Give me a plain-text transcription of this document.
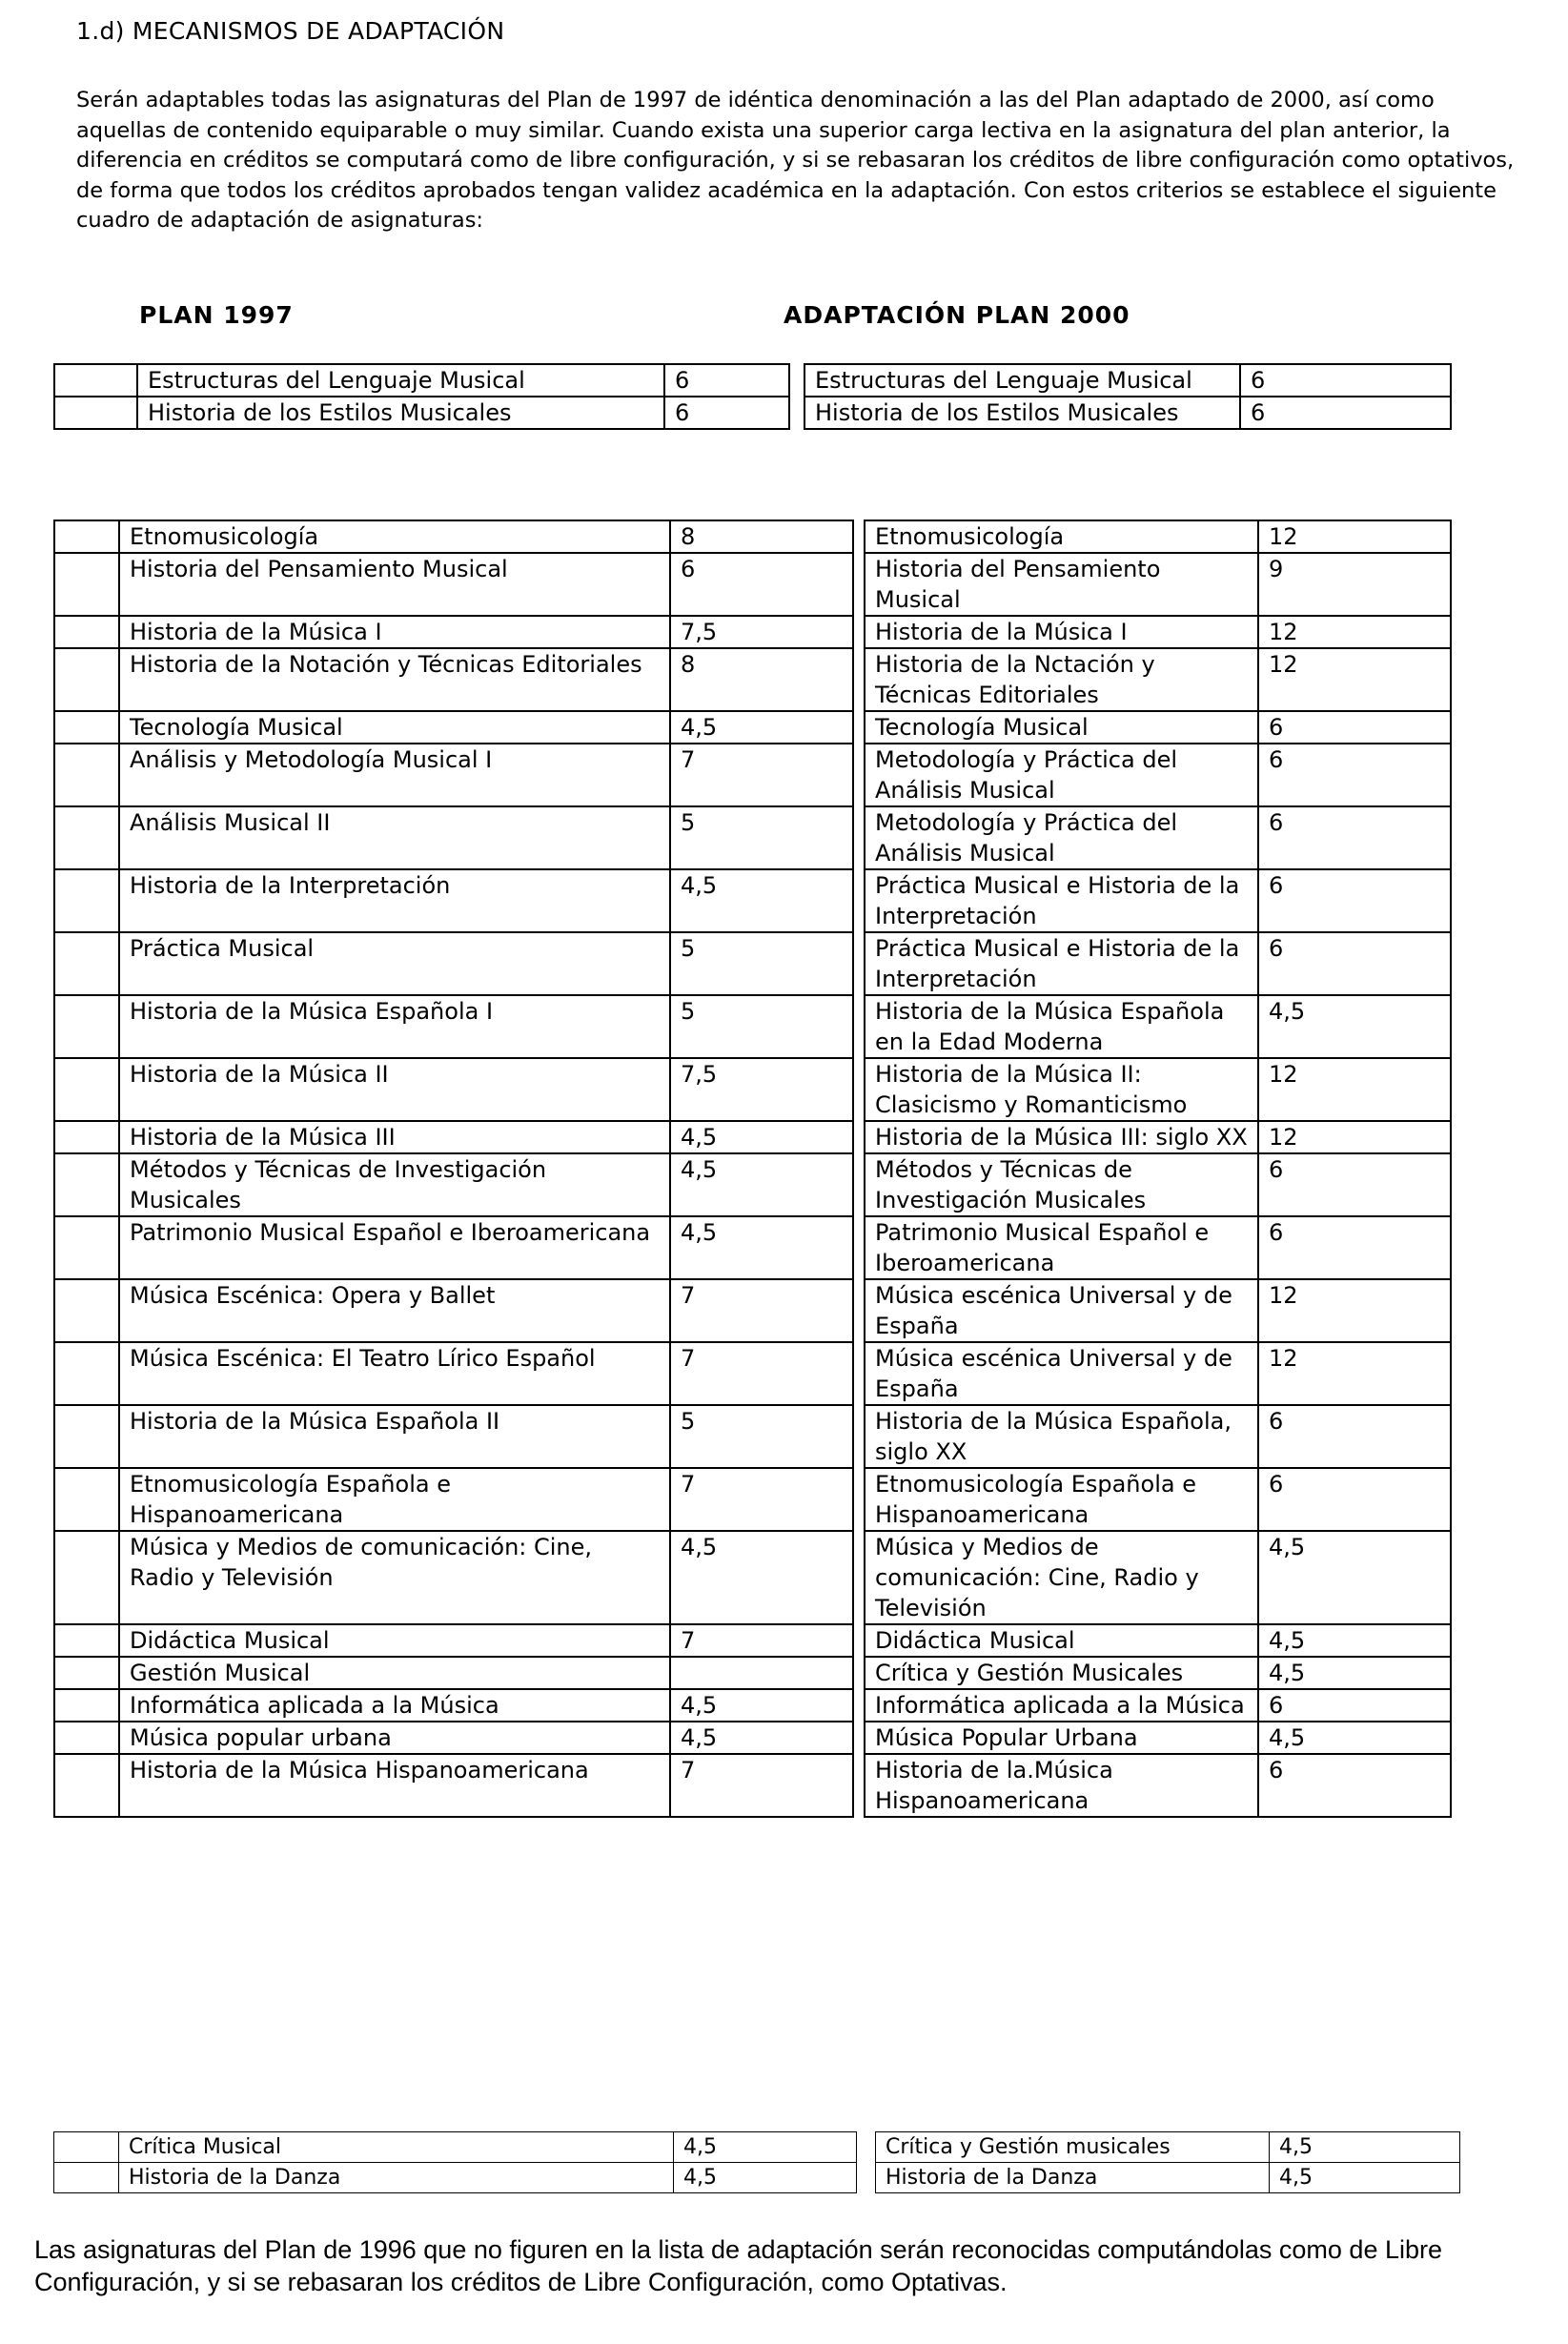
1.d) MECANISMOS DE ADAPTACIÓN
Serán adaptables todas las asignaturas del Plan de 1997 de idéntica denominación a las del Plan adaptado de 2000, así como aquellas de contenido equiparable o muy similar. Cuando exista una superior carga lectiva en la asignatura del plan anterior, la diferencia en créditos se computará como de libre configuración, y si se rebasaran los créditos de libre configuración como optativos, de forma que todos los créditos aprobados tengan validez académica en la adaptación. Con estos criterios se establece el siguiente cuadro de adaptación de asignaturas:
PLAN 1997	ADAPTACIÓN PLAN 2000
	Estructuras del Lenguaje Musical	6		Estructuras del Lenguaje Musical	6
	Historia de los Estilos Musicales	6		Historia de los Estilos Musicales	6
	Etnomusicología	8		Etnomusicología	12
	Historia del Pensamiento Musical	6		Historia del Pensamiento Musical	9
	Historia de la Música I	7,5		Historia de la Música I	12
	Historia de la Notación y Técnicas Editoriales	8		Historia de la Nctación y Técnicas Editoriales	12
	Tecnología Musical	4,5		Tecnología Musical	6
	Análisis y Metodología Musical I	7		Metodología y Práctica del Análisis Musical	6
	Análisis Musical II	5		Metodología y Práctica del Análisis Musical	6
	Historia de la Interpretación	4,5		Práctica Musical e Historia de la Interpretación	6
	Práctica Musical	5		Práctica Musical e Historia de la Interpretación	6
	Historia de la Música Española I	5		Historia de la Música Española en la Edad Moderna	4,5
	Historia de la Música II	7,5		Historia de la Música II: Clasicismo y Romanticismo	12
	Historia de la Música III	4,5		Historia de la Música III: siglo XX	12
	Métodos y Técnicas de Investigación Musicales	4,5		Métodos y Técnicas de Investigación Musicales	6
	Patrimonio Musical Español e Iberoamericana	4,5		Patrimonio Musical Español e Iberoamericana	6
	Música Escénica: Opera y Ballet	7		Música escénica Universal y de España	12
	Música Escénica: El Teatro Lírico Español	7		Música escénica Universal y de España	12
	Historia de la Música Española II	5		Historia de la Música Española, siglo XX	6
	Etnomusicología Española e Hispanoamericana	7		Etnomusicología Española e Hispanoamericana	6
	Música y Medios de comunicación: Cine, Radio y Televisión	4,5		Música y Medios de comunicación: Cine, Radio y Televisión	4,5
	Didáctica Musical	7		Didáctica Musical	4,5
	Gestión Musical			Crítica y Gestión Musicales	4,5
	Informática aplicada a la Música	4,5		Informática aplicada a la Música	6
	Música popular urbana	4,5		Música Popular Urbana	4,5
	Historia de la Música Hispanoamericana	7		Historia de la.Música Hispanoamericana	6
	Crítica Musical	4,5		Crítica y Gestión musicales	4,5
	Historia de la Danza	4,5		Historia de la Danza	4,5
Las asignaturas del Plan de 1996 que no figuren en la lista de adaptación serán reconocidas computándolas como de Libre Configuración, y si se rebasaran los créditos de Libre Configuración, como Optativas.
